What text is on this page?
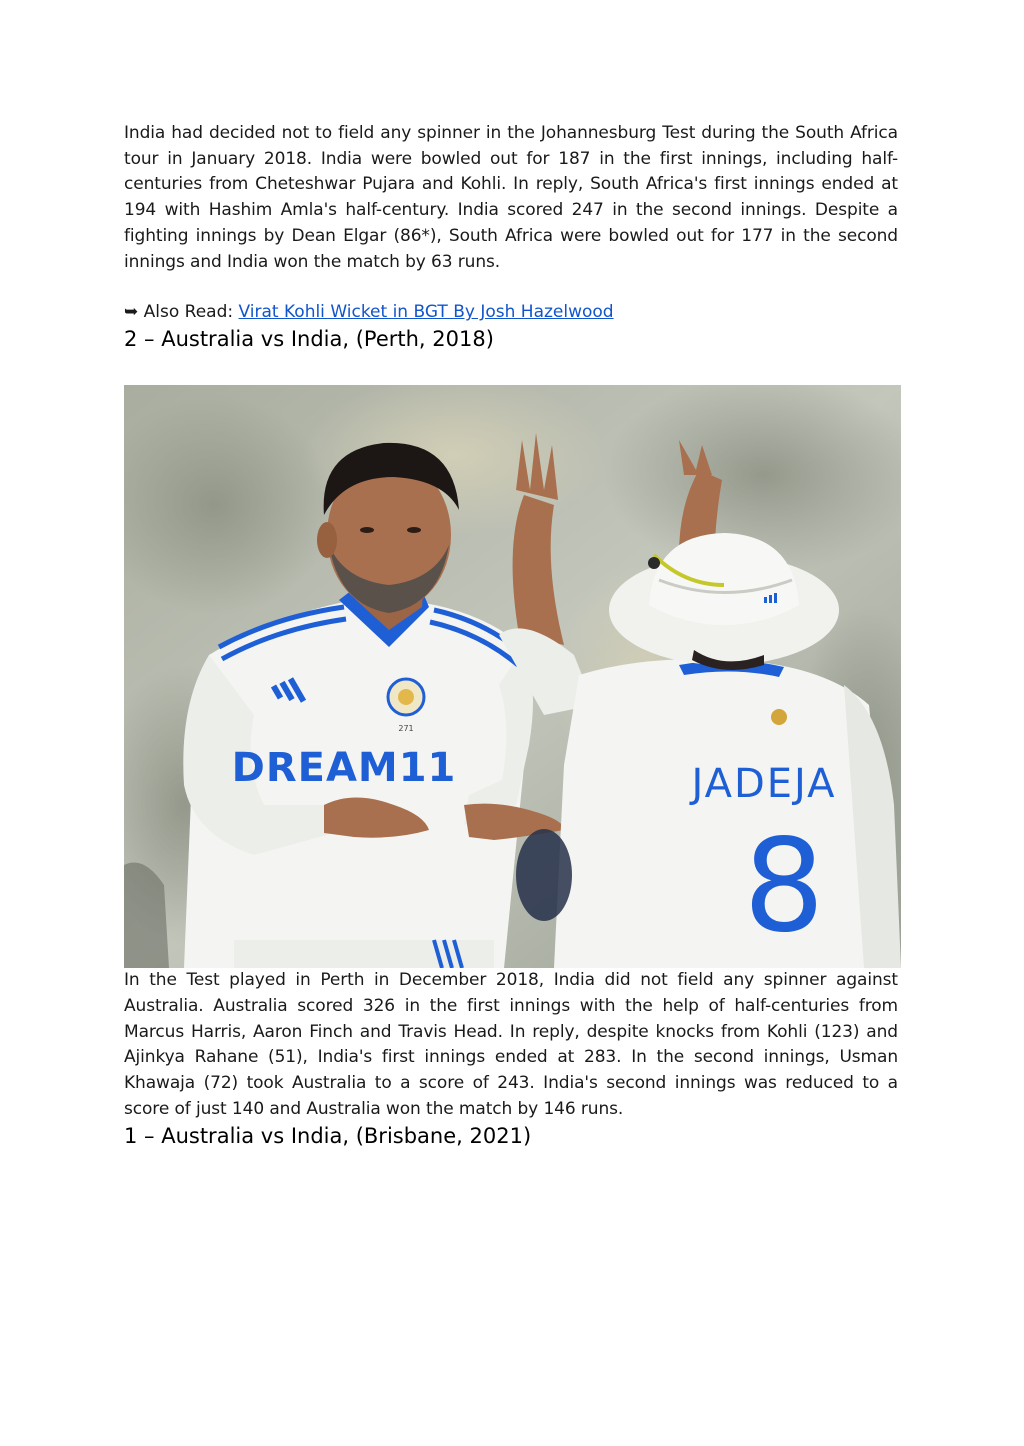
India had decided not to field any spinner in the Johannesburg Test during the South Africa tour in January 2018. India were bowled out for 187 in the first innings, including half-centuries from Cheteshwar Pujara and Kohli. In reply, South Africa's first innings ended at 194 with Hashim Amla's half-century. India scored 247 in the second innings. Despite a fighting innings by Dean Elgar (86*), South Africa were bowled out for 177 in the second innings and India won the match by 63 runs.

➥ Also Read: Virat Kohli Wicket in BGT By Josh Hazelwood
2 – Australia vs India, (Perth, 2018)
271
DREAM11	JADEJA
8

In the Test played in Perth in December 2018, India did not field any spinner against Australia. Australia scored 326 in the first innings with the help of half-centuries from Marcus Harris, Aaron Finch and Travis Head. In reply, despite knocks from Kohli (123) and Ajinkya Rahane (51), India's first innings ended at 283. In the second innings, Usman Khawaja (72) took Australia to a score of 243. India's second innings was reduced to a score of just 140 and Australia won the match by 146 runs.

1 – Australia vs India, (Brisbane, 2021)
